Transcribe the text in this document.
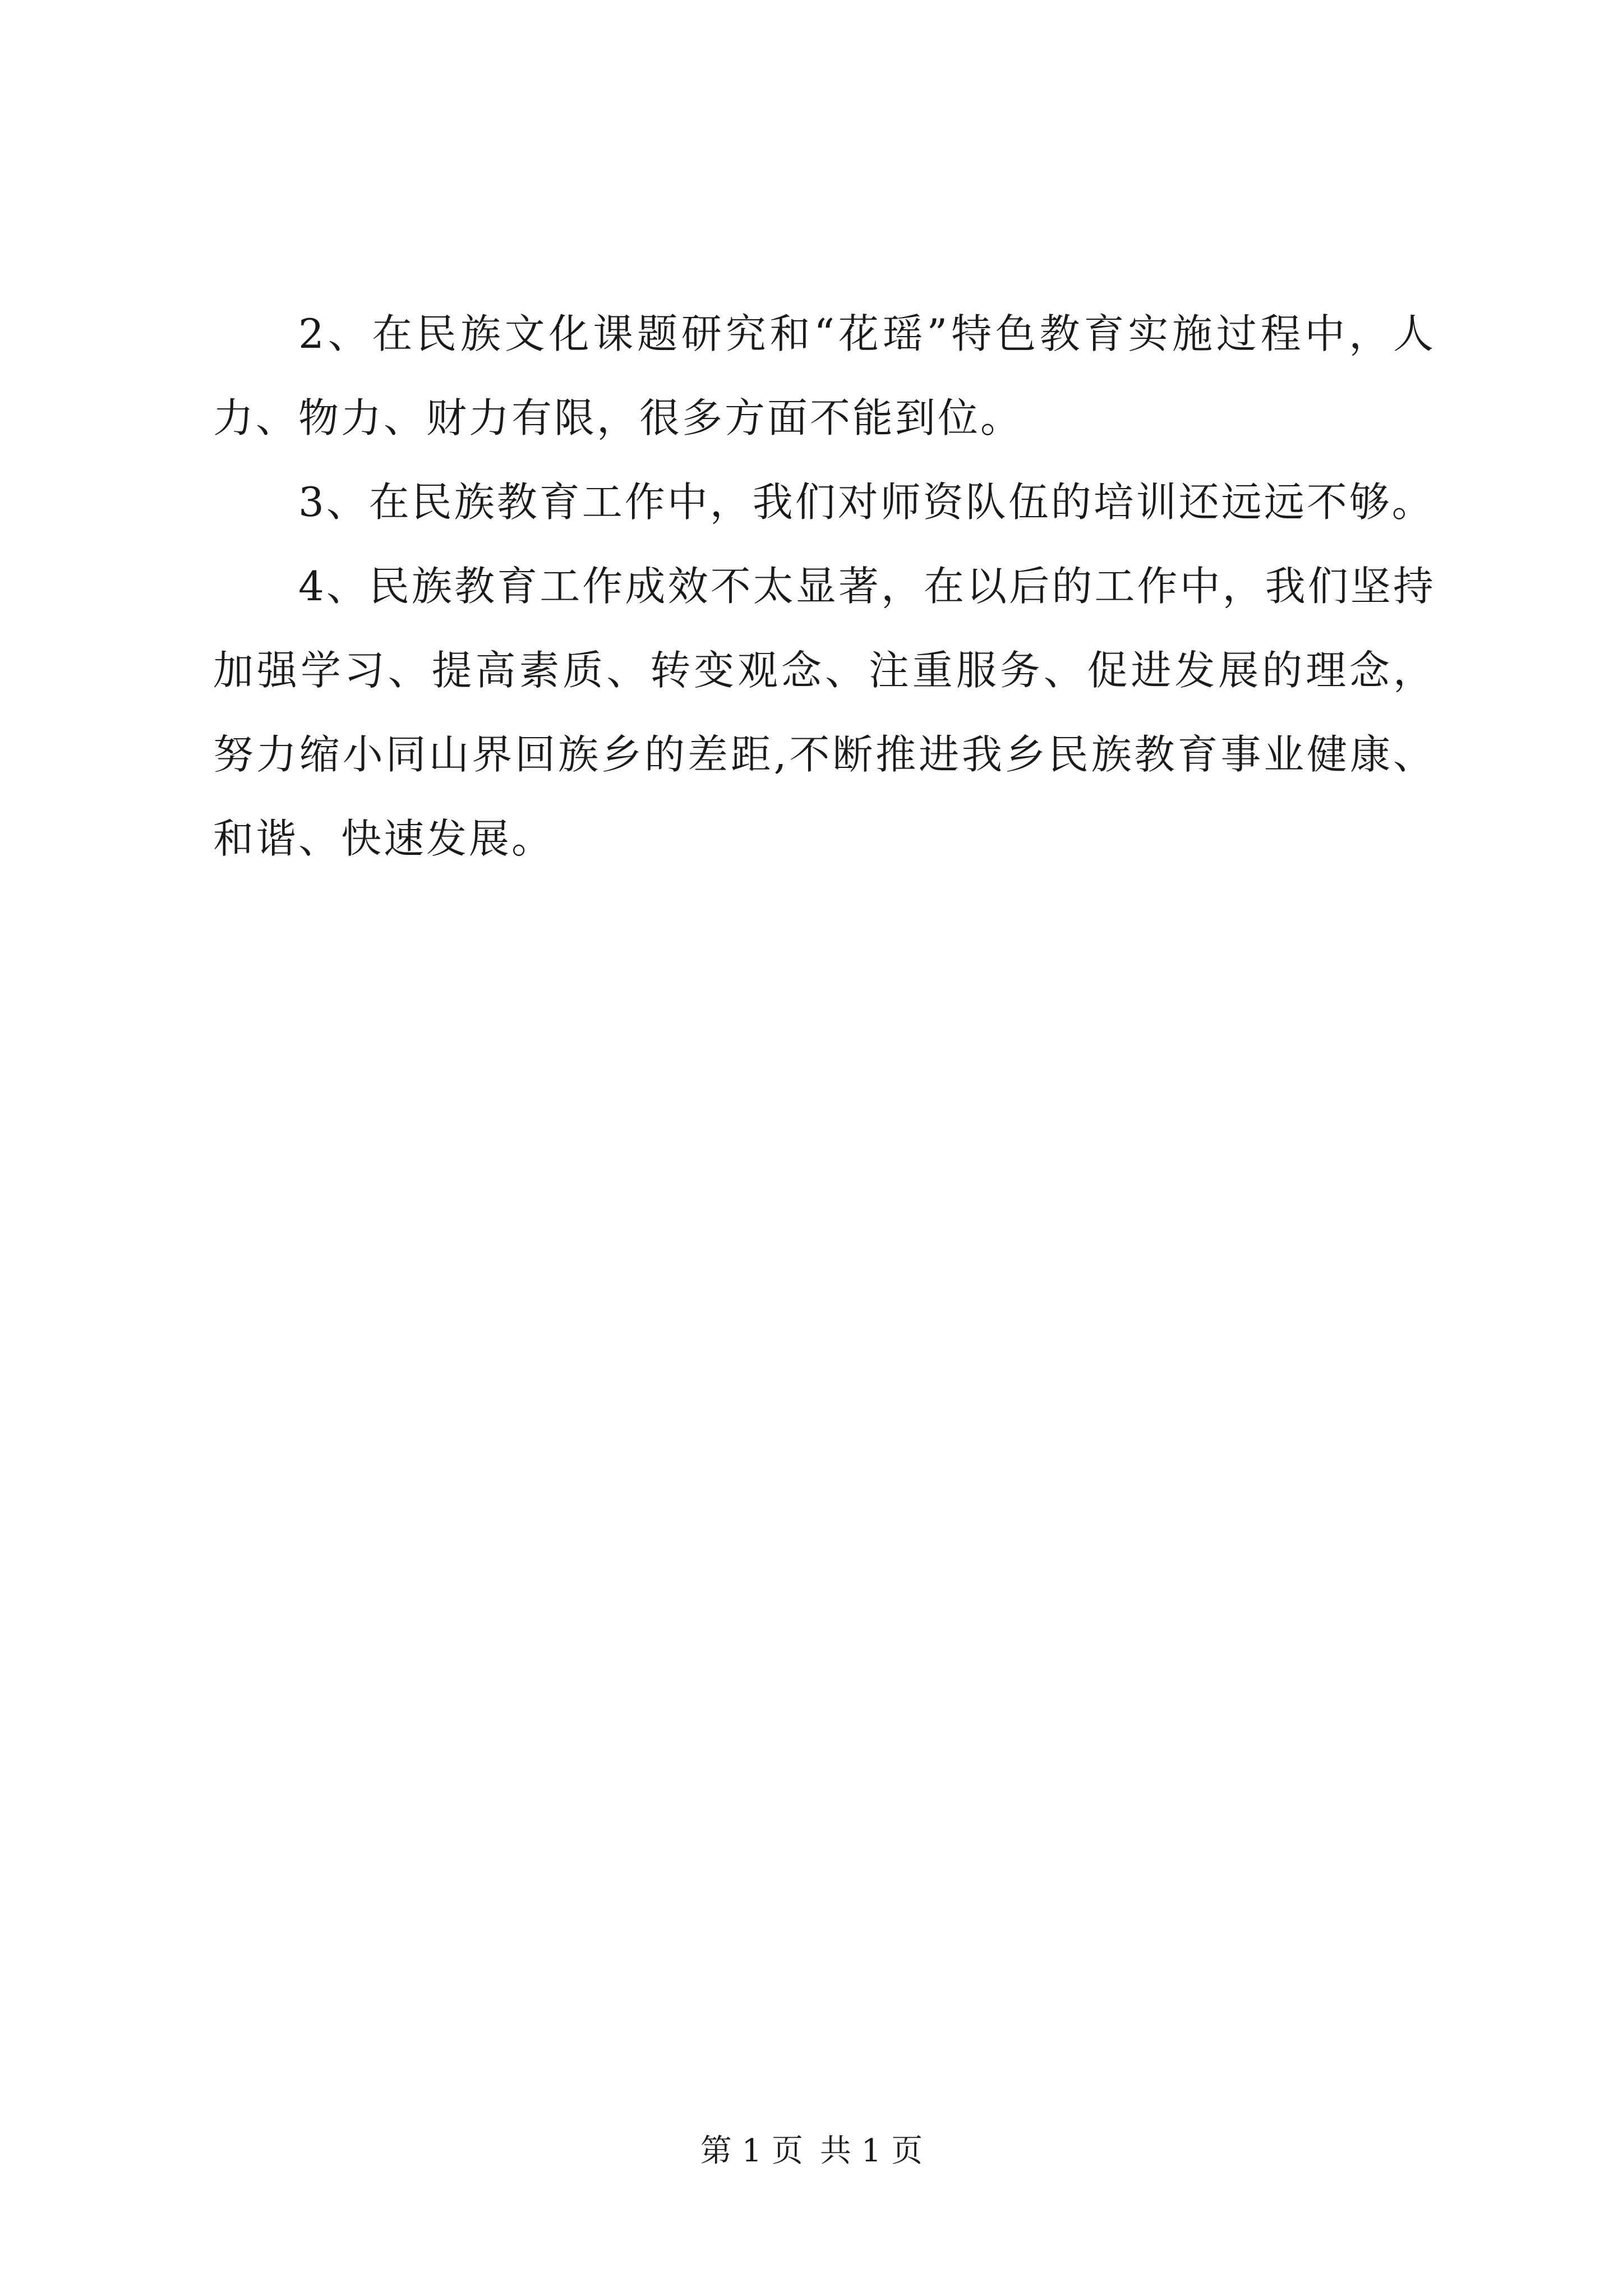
2、在民族文化课题研究和“花瑶”特色教育实施过程中，人力、物力、财力有限，很多方面不能到位。

3、在民族教育工作中，我们对师资队伍的培训还远远不够。

4、民族教育工作成效不太显著，在以后的工作中，我们坚持加强学习、提高素质、转变观念、注重服务、促进发展的理念，努力缩小同山界回族乡的差距,不断推进我乡民族教育事业健康、和谐、快速发展。

第 1 页 共 1 页
